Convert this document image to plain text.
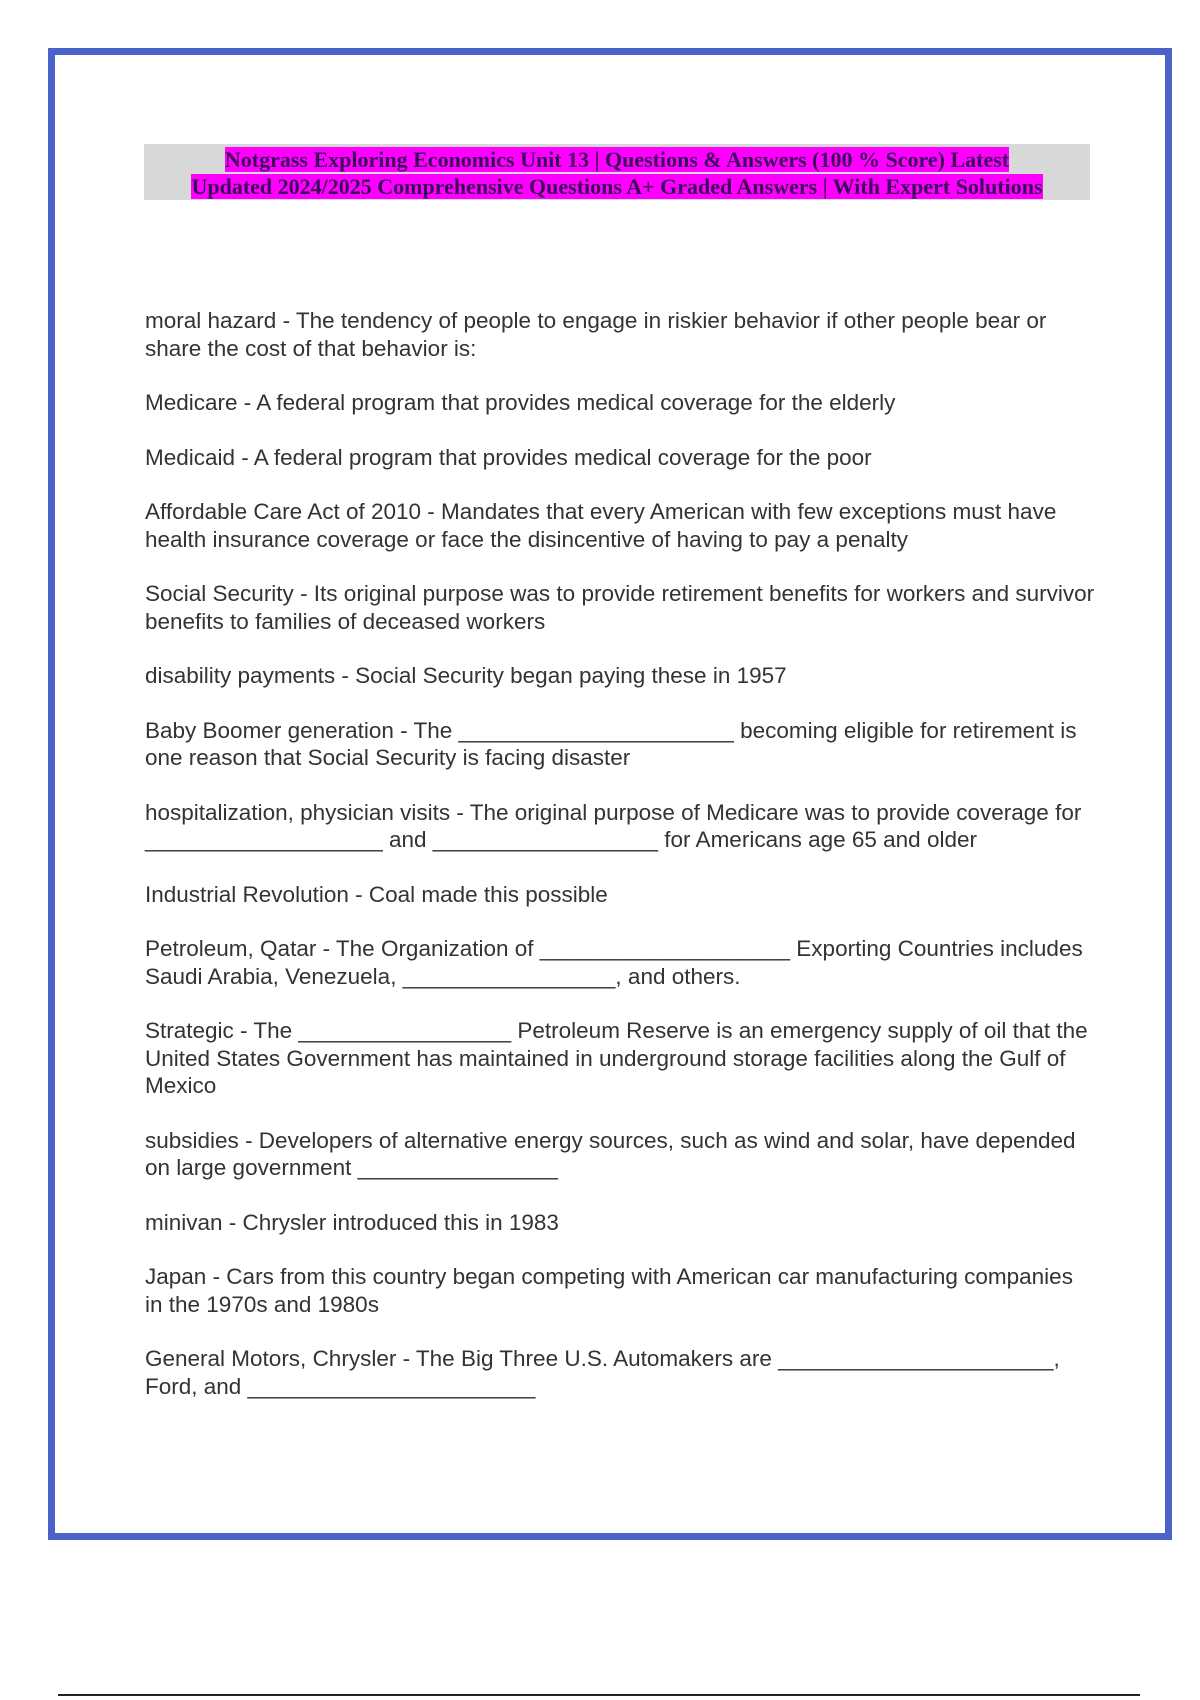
Notgrass Exploring Economics Unit 13 | Questions & Answers (100 % Score) Latest
Updated 2024/2025 Comprehensive Questions A+ Graded Answers | With Expert Solutions

moral hazard - The tendency of people to engage in riskier behavior if other people bear or share the cost of that behavior is:

Medicare - A federal program that provides medical coverage for the elderly

Medicaid - A federal program that provides medical coverage for the poor

Affordable Care Act of 2010 - Mandates that every American with few exceptions must have health insurance coverage or face the disincentive of having to pay a penalty

Social Security - Its original purpose was to provide retirement benefits for workers and survivor benefits to families of deceased workers

disability payments - Social Security began paying these in 1957

Baby Boomer generation - The ______________________ becoming eligible for retirement is one reason that Social Security is facing disaster

hospitalization, physician visits - The original purpose of Medicare was to provide coverage for ___________________ and __________________ for Americans age 65 and older

Industrial Revolution - Coal made this possible

Petroleum, Qatar - The Organization of ____________________ Exporting Countries includes Saudi Arabia, Venezuela, _________________, and others.

Strategic - The _________________ Petroleum Reserve is an emergency supply of oil that the United States Government has maintained in underground storage facilities along the Gulf of Mexico

subsidies - Developers of alternative energy sources, such as wind and solar, have depended on large government ________________

minivan - Chrysler introduced this in 1983

Japan - Cars from this country began competing with American car manufacturing companies in the 1970s and 1980s

General Motors, Chrysler - The Big Three U.S. Automakers are ______________________, Ford, and _______________________
